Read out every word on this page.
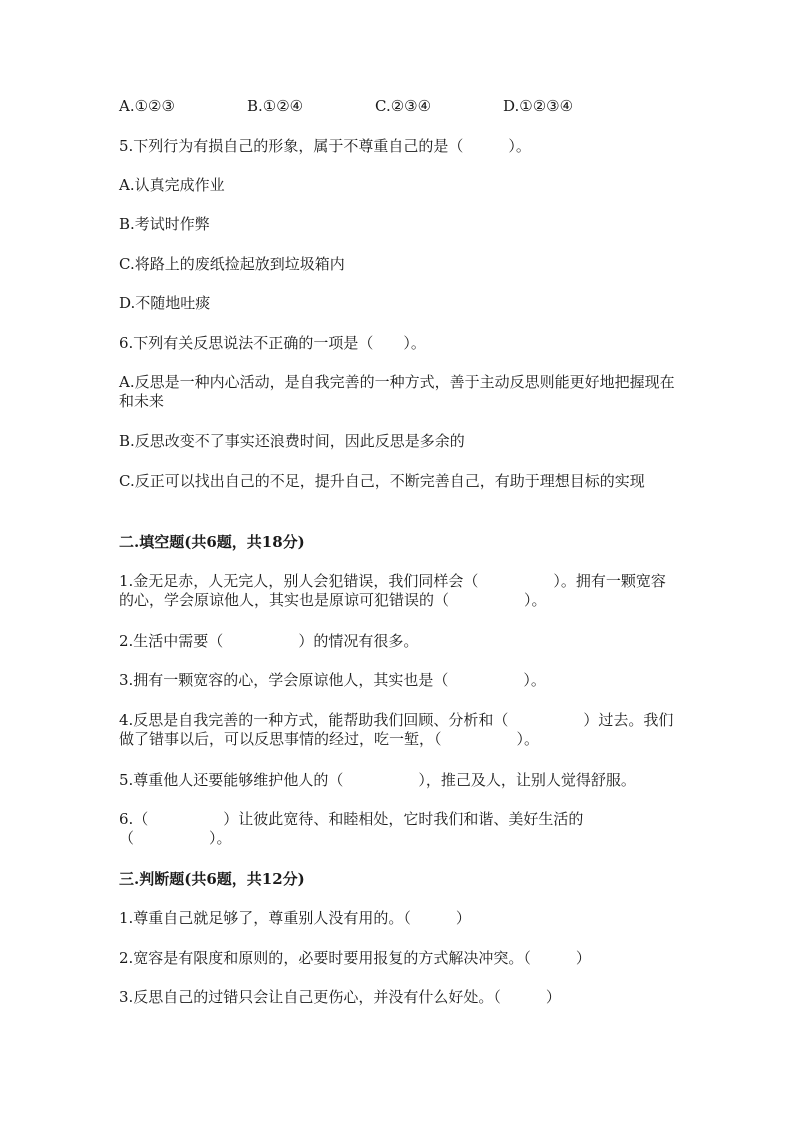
A.①②③	B.①②④	C.②③④	D.①②③④
5.下列行为有损自己的形象，属于不尊重自己的是（　　　）。
A.认真完成作业
B.考试时作弊
C.将路上的废纸捡起放到垃圾箱内
D.不随地吐痰
6.下列有关反思说法不正确的一项是（　　）。
A.反思是一种内心活动，是自我完善的一种方式，善于主动反思则能更好地把握现在和未来
B.反思改变不了事实还浪费时间，因此反思是多余的
C.反正可以找出自己的不足，提升自己，不断完善自己，有助于理想目标的实现
二.填空题(共6题，共18分)
1.金无足赤，人无完人，别人会犯错误，我们同样会（　　　　　）。拥有一颗宽容的心，学会原谅他人，其实也是原谅可犯错误的（　　　　　）。
2.生活中需要（　　　　　）的情况有很多。
3.拥有一颗宽容的心，学会原谅他人，其实也是（　　　　　）。
4.反思是自我完善的一种方式，能帮助我们回顾、分析和（　　　　　）过去。我们做了错事以后，可以反思事情的经过，吃一堑，（　　　　　）。
5.尊重他人还要能够维护他人的（　　　　　），推己及人，让别人觉得舒服。
6.（　　　　　）让彼此宽待、和睦相处，它时我们和谐、美好生活的（　　　　　）。
三.判断题(共6题，共12分)
1.尊重自己就足够了，尊重别人没有用的。（　　　）
2.宽容是有限度和原则的，必要时要用报复的方式解决冲突。（　　　）
3.反思自己的过错只会让自己更伤心，并没有什么好处。（　　　）
